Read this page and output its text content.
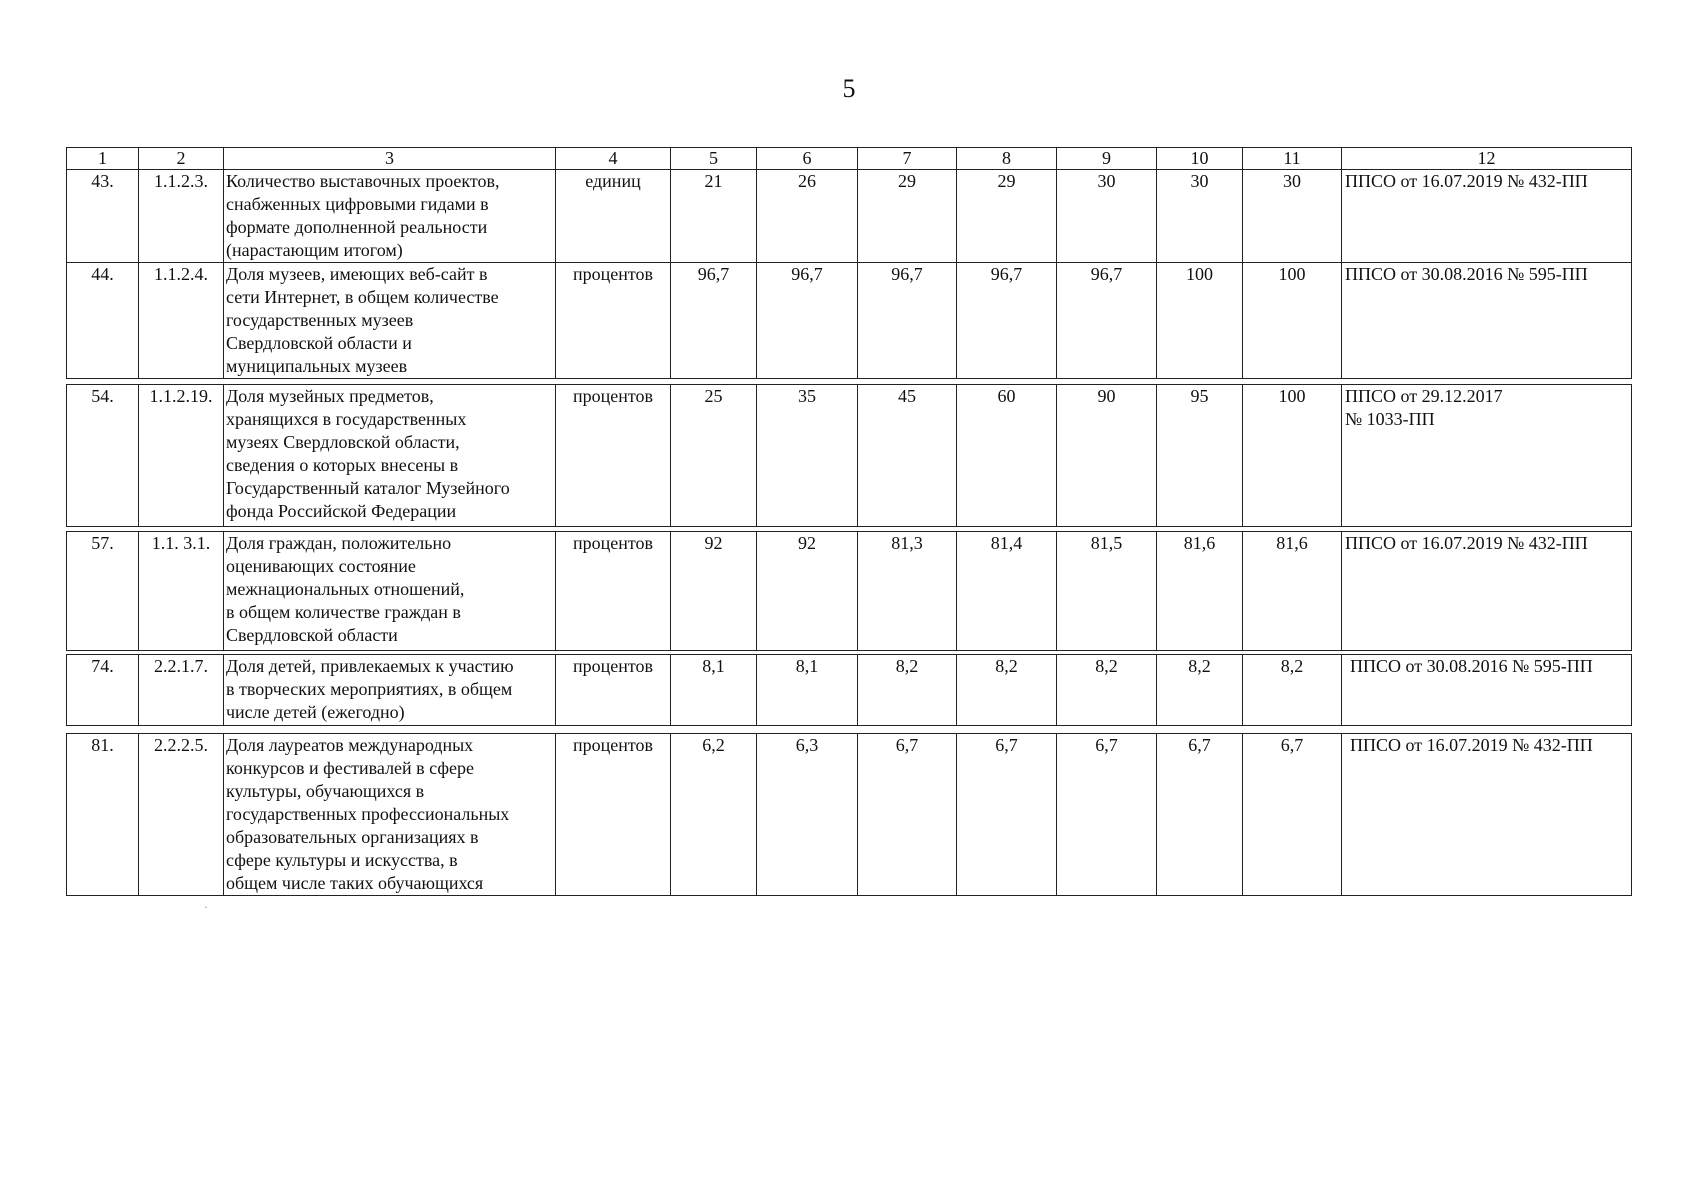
5
1	2	3	4	5	6	7	8	9	10	11	12
43.	1.1.2.3.	Количество выставочных проектов,
снабженных цифровыми гидами в
формате дополненной реальности
(нарастающим итогом)	единиц	21	26	29	29	30	30	30	ППСО от 16.07.2019 № 432-ПП

44.	1.1.2.4.	Доля музеев, имеющих веб-сайт в
сети Интернет, в общем количестве
государственных музеев
Свердловской области и
муниципальных музеев	процентов	96,7	96,7	96,7	96,7	96,7	100	100	ППСО от 30.08.2016 № 595-ПП
54.	1.1.2.19.	Доля музейных предметов,
хранящихся в государственных
музеях Свердловской области,
сведения о которых внесены в
Государственный каталог Музейного
фонда Российской Федерации
	процентов	25	35	45	60	90	95	100	ППСО от 29.12.2017
№ 1033-ПП
57.	1.1. 3.1.	Доля граждан, положительно
оценивающих состояние
межнациональных отношений,
в общем количестве граждан в
Свердловской области
	процентов	92	92	81,3	81,4	81,5	81,6	81,6	ППСО от 16.07.2019 № 432-ПП
74.	2.2.1.7.	Доля детей, привлекаемых к участию
в творческих мероприятиях, в общем
числе детей (ежегодно)
	процентов	8,1	8,1	8,2	8,2	8,2	8,2	8,2	ППСО от 30.08.2016 № 595-ПП
81.	2.2.2.5.	Доля лауреатов международных
конкурсов и фестивалей в сфере
культуры, обучающихся в
государственных профессиональных
образовательных организациях в
сфере культуры и искусства, в
общем числе таких обучающихся
	процентов	6,2	6,3	6,7	6,7	6,7	6,7	6,7	ППСО от 16.07.2019 № 432-ПП
·
